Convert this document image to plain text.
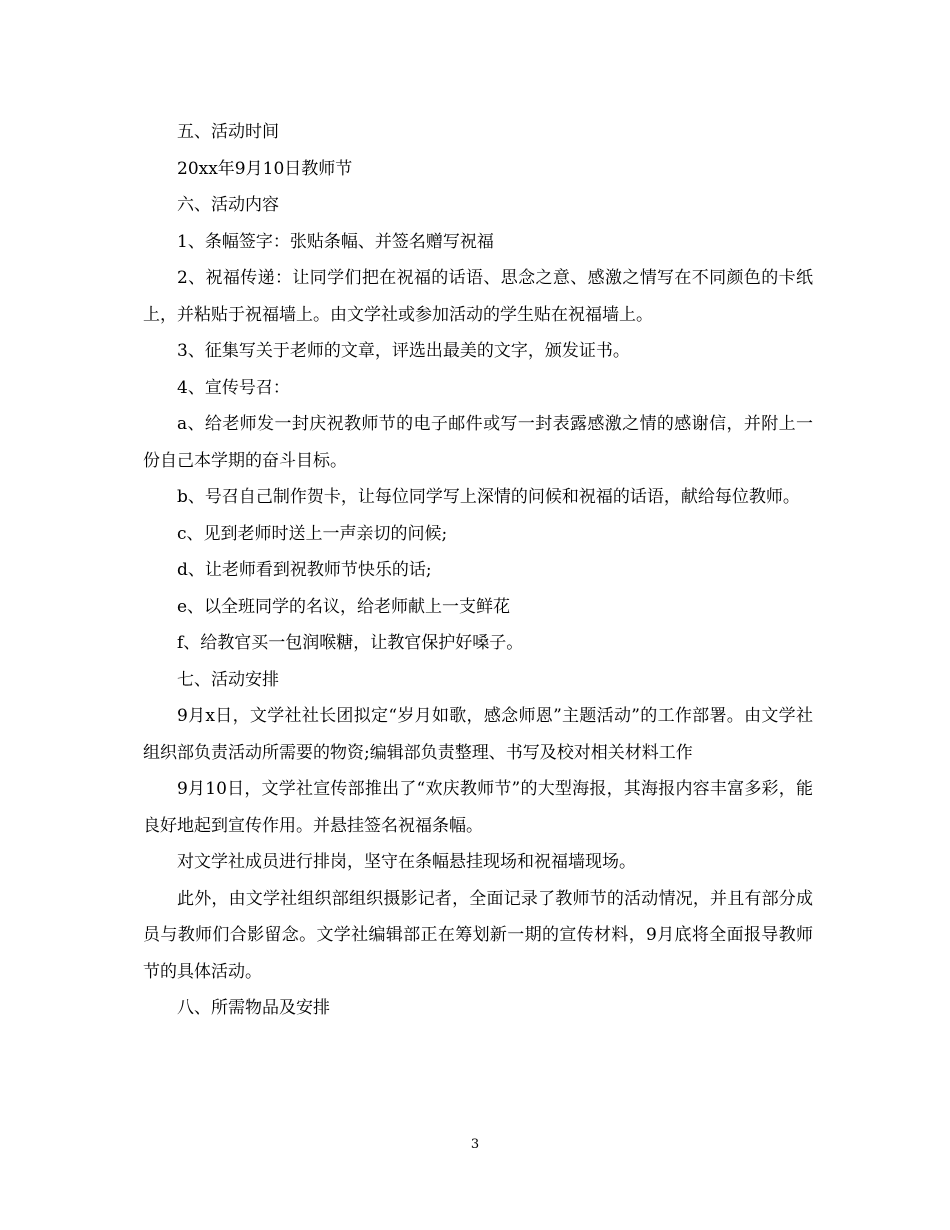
五、活动时间

20xx年9月10日教师节

六、活动内容

1、条幅签字：张贴条幅、并签名赠写祝福

2、祝福传递：让同学们把在祝福的话语、思念之意、感激之情写在不同颜色的卡纸上，并粘贴于祝福墙上。由文学社或参加活动的学生贴在祝福墙上。

3、征集写关于老师的文章，评选出最美的文字，颁发证书。

4、宣传号召：

a、给老师发一封庆祝教师节的电子邮件或写一封表露感激之情的感谢信，并附上一份自己本学期的奋斗目标。

b、号召自己制作贺卡，让每位同学写上深情的问候和祝福的话语，献给每位教师。

c、见到老师时送上一声亲切的问候;

d、让老师看到祝教师节快乐的话;

e、以全班同学的名议，给老师献上一支鲜花

f、给教官买一包润喉糖，让教官保护好嗓子。

七、活动安排

9月x日，文学社社长团拟定“岁月如歌，感念师恩”主题活动”的工作部署。由文学社组织部负责活动所需要的物资;编辑部负责整理、书写及校对相关材料工作

9月10日，文学社宣传部推出了“欢庆教师节”的大型海报，其海报内容丰富多彩，能良好地起到宣传作用。并悬挂签名祝福条幅。

对文学社成员进行排岗，坚守在条幅悬挂现场和祝福墙现场。

此外，由文学社组织部组织摄影记者，全面记录了教师节的活动情况，并且有部分成员与教师们合影留念。文学社编辑部正在筹划新一期的宣传材料，9月底将全面报导教师节的具体活动。

八、所需物品及安排

3
